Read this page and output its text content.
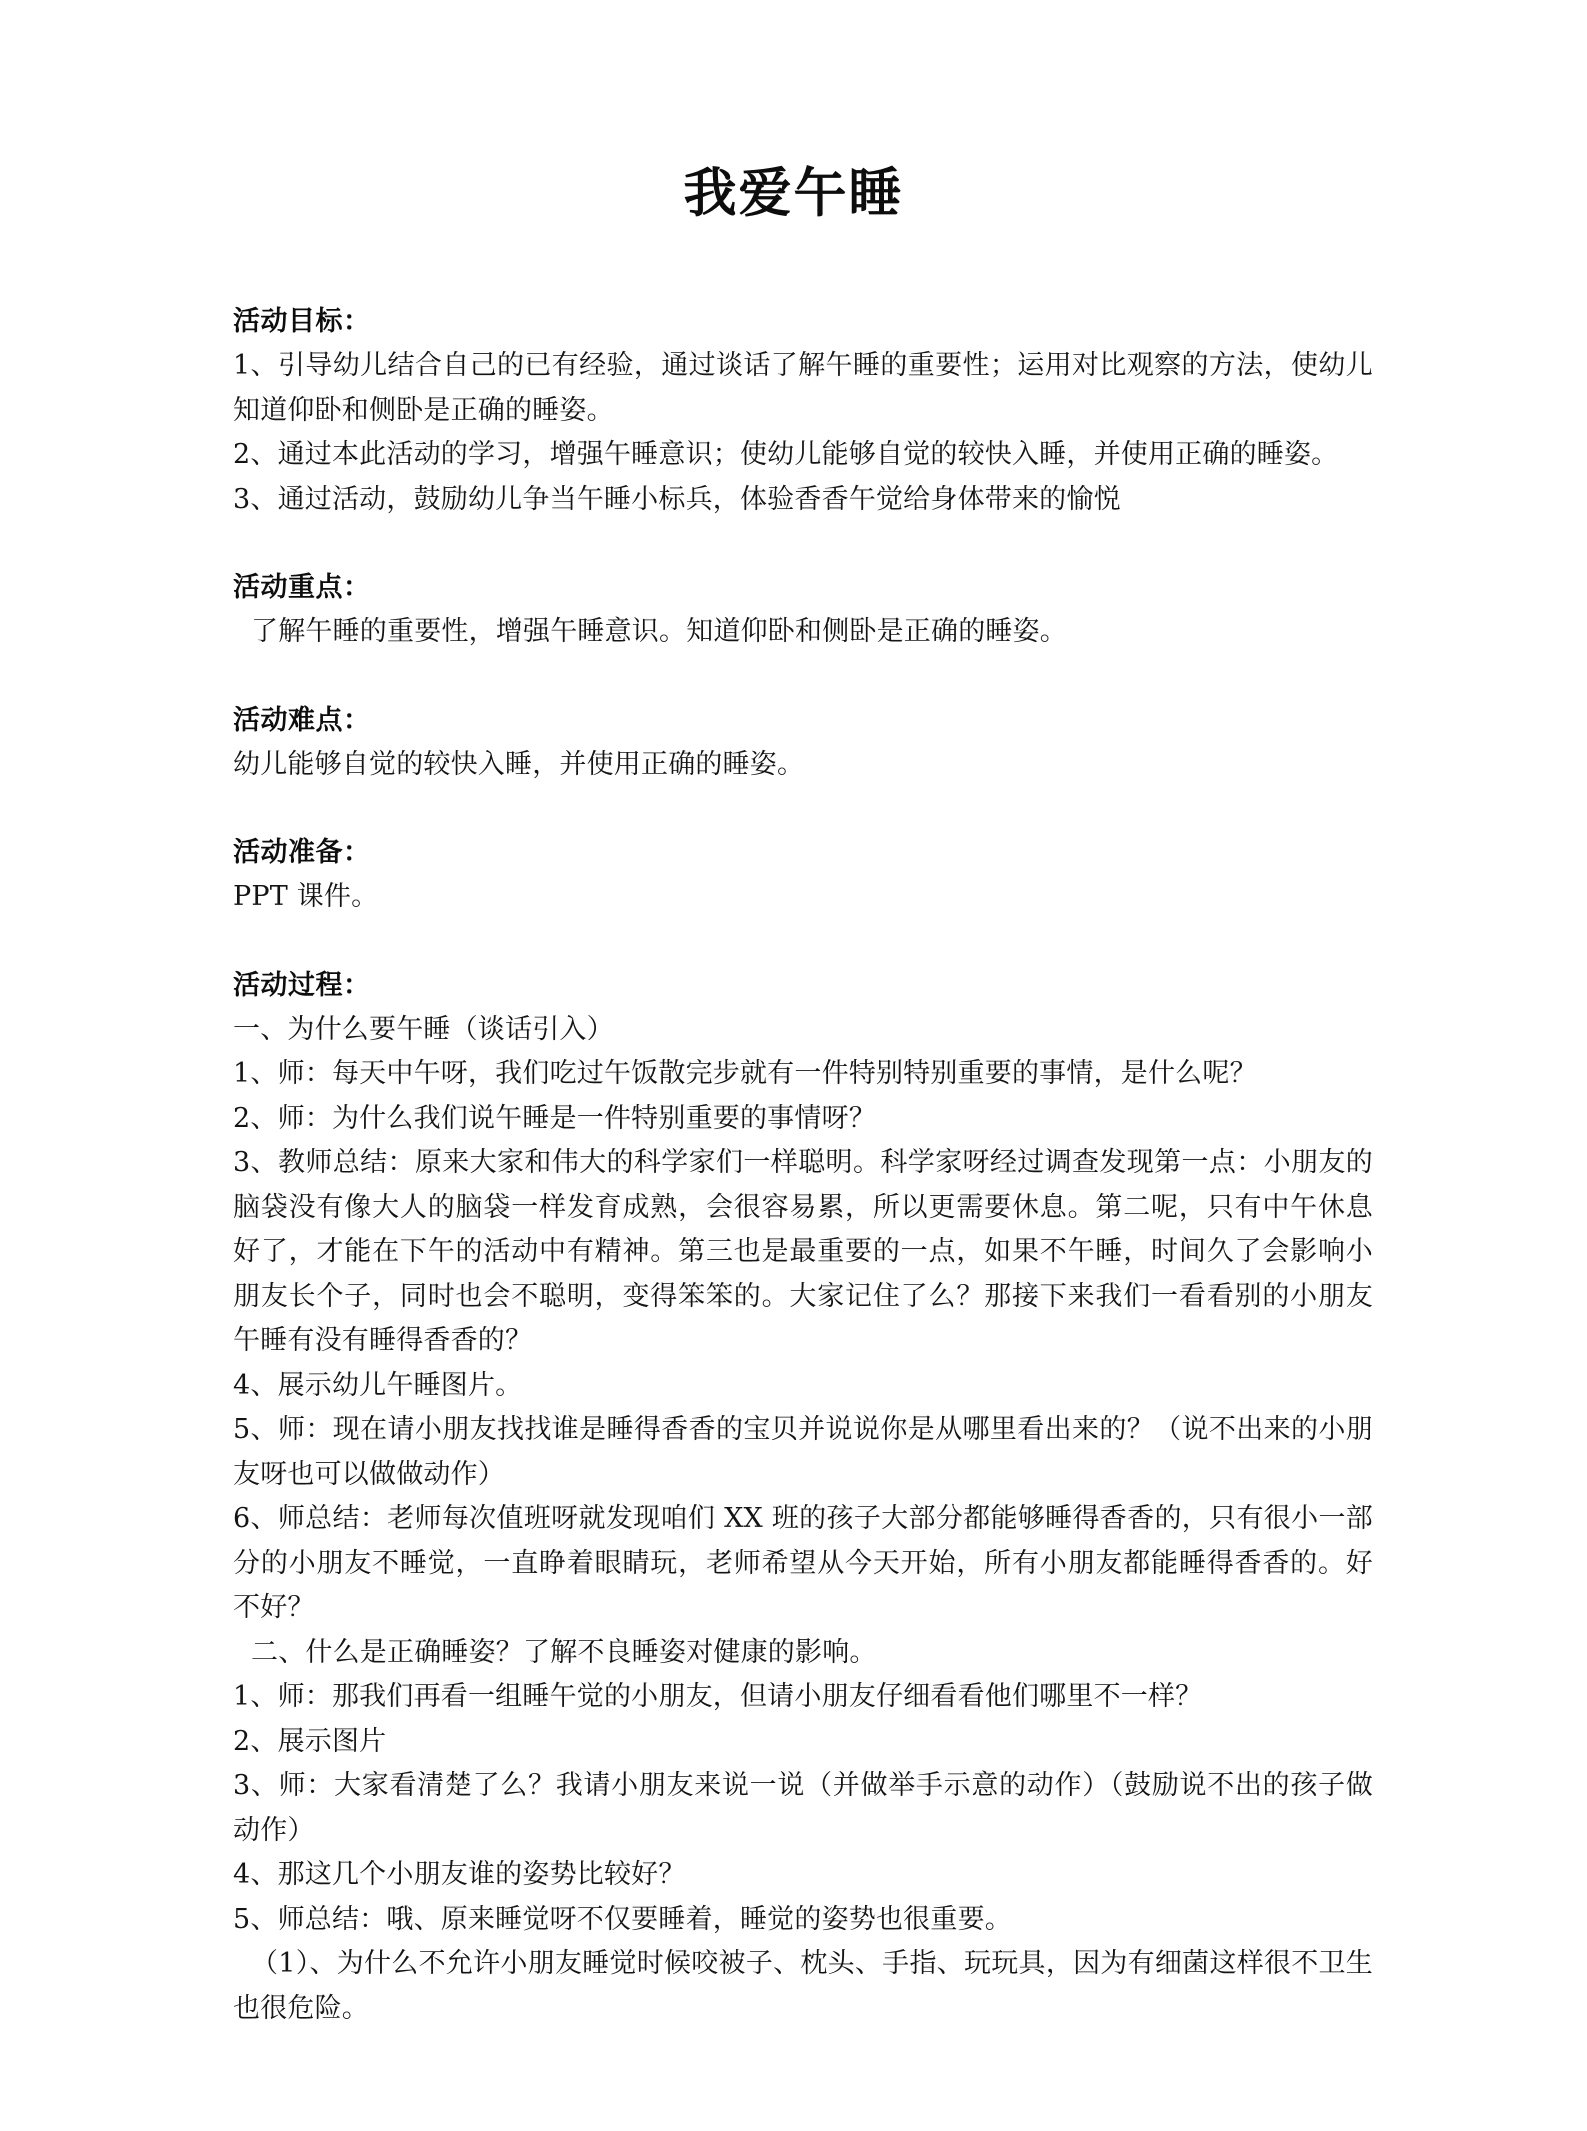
我爱午睡

活动目标：

1、引导幼儿结合自己的已有经验，通过谈话了解午睡的重要性；运用对比观察的方法，使幼儿知道仰卧和侧卧是正确的睡姿。

2、通过本此活动的学习，增强午睡意识；使幼儿能够自觉的较快入睡，并使用正确的睡姿。

3、通过活动，鼓励幼儿争当午睡小标兵，体验香香午觉给身体带来的愉悦

活动重点：

了解午睡的重要性，增强午睡意识。知道仰卧和侧卧是正确的睡姿。

活动难点：

幼儿能够自觉的较快入睡，并使用正确的睡姿。

活动准备：

PPT 课件。

活动过程：

一、为什么要午睡（谈话引入）

1、师：每天中午呀，我们吃过午饭散完步就有一件特别特别重要的事情，是什么呢？

2、师：为什么我们说午睡是一件特别重要的事情呀？

3、教师总结：原来大家和伟大的科学家们一样聪明。科学家呀经过调查发现第一点：小朋友的脑袋没有像大人的脑袋一样发育成熟，会很容易累，所以更需要休息。第二呢，只有中午休息好了，才能在下午的活动中有精神。第三也是最重要的一点，如果不午睡，时间久了会影响小朋友长个子，同时也会不聪明，变得笨笨的。大家记住了么？那接下来我们一看看别的小朋友午睡有没有睡得香香的？

4、展示幼儿午睡图片。

5、师：现在请小朋友找找谁是睡得香香的宝贝并说说你是从哪里看出来的？（说不出来的小朋友呀也可以做做动作）

6、师总结：老师每次值班呀就发现咱们 XX 班的孩子大部分都能够睡得香香的，只有很小一部分的小朋友不睡觉，一直睁着眼睛玩，老师希望从今天开始，所有小朋友都能睡得香香的。好不好？

二、什么是正确睡姿？了解不良睡姿对健康的影响。

1、师：那我们再看一组睡午觉的小朋友，但请小朋友仔细看看他们哪里不一样？

2、展示图片

3、师：大家看清楚了么？我请小朋友来说一说（并做举手示意的动作）（鼓励说不出的孩子做动作）

4、那这几个小朋友谁的姿势比较好？

5、师总结：哦、原来睡觉呀不仅要睡着，睡觉的姿势也很重要。

（1）、为什么不允许小朋友睡觉时候咬被子、枕头、手指、玩玩具，因为有细菌这样很不卫生也很危险。
